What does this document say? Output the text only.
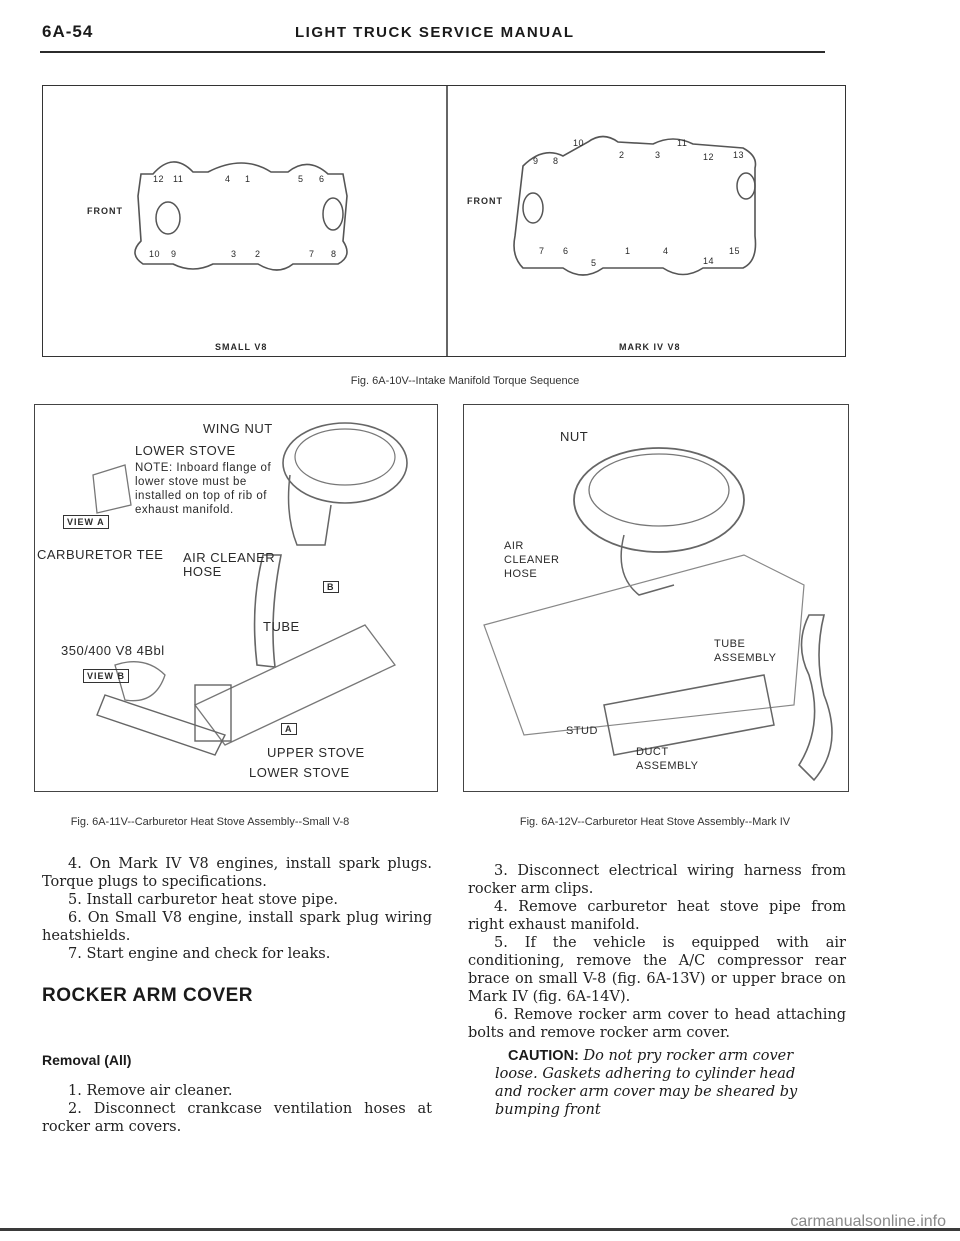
6A-54	LIGHT TRUCK SERVICE MANUAL
12 11	4 1	5 6
10 9	3 2	7 8
9 8
10
2	3
11
12 13
7 6
5
1	4
14
15
FRONT
FRONT
SMALL V8	MARK IV V8
Fig. 6A-10V--Intake Manifold Torque Sequence
WING NUT
LOWER STOVE
NOTE: Inboard flange of lower stove must be installed on top of rib of exhaust manifold.
VIEW A
CARBURETOR TEE AIR CLEANER HOSE
TUBE
350/400 V8 4Bbl
VIEW B
UPPER STOVE
LOWER STOVE
B
A
Fig. 6A-11V--Carburetor Heat Stove Assembly--Small V-8
NUT
AIR CLEANER HOSE
TUBE ASSEMBLY
STUD
DUCT ASSEMBLY
Fig. 6A-12V--Carburetor Heat Stove Assembly--Mark IV

4. On Mark IV V8 engines, install spark plugs. Torque plugs to specifications.

5. Install carburetor heat stove pipe.

6. On Small V8 engine, install spark plug wiring heatshields.

7. Start engine and check for leaks.

ROCKER ARM COVER
Removal (All)

1. Remove air cleaner.

2. Disconnect crankcase ventilation hoses at rocker arm covers.

3. Disconnect electrical wiring harness from rocker arm clips.

4. Remove carburetor heat stove pipe from right exhaust manifold.

5. If the vehicle is equipped with air conditioning, remove the A/C compressor rear brace on small V-8 (fig. 6A-13V) or upper brace on Mark IV (fig. 6A-14V).

6. Remove rocker arm cover to head attaching bolts and remove rocker arm cover.

CAUTION: Do not pry rocker arm cover loose. Gaskets adhering to cylinder head and rocker arm cover may be sheared by bumping front
carmanualsonline.info
